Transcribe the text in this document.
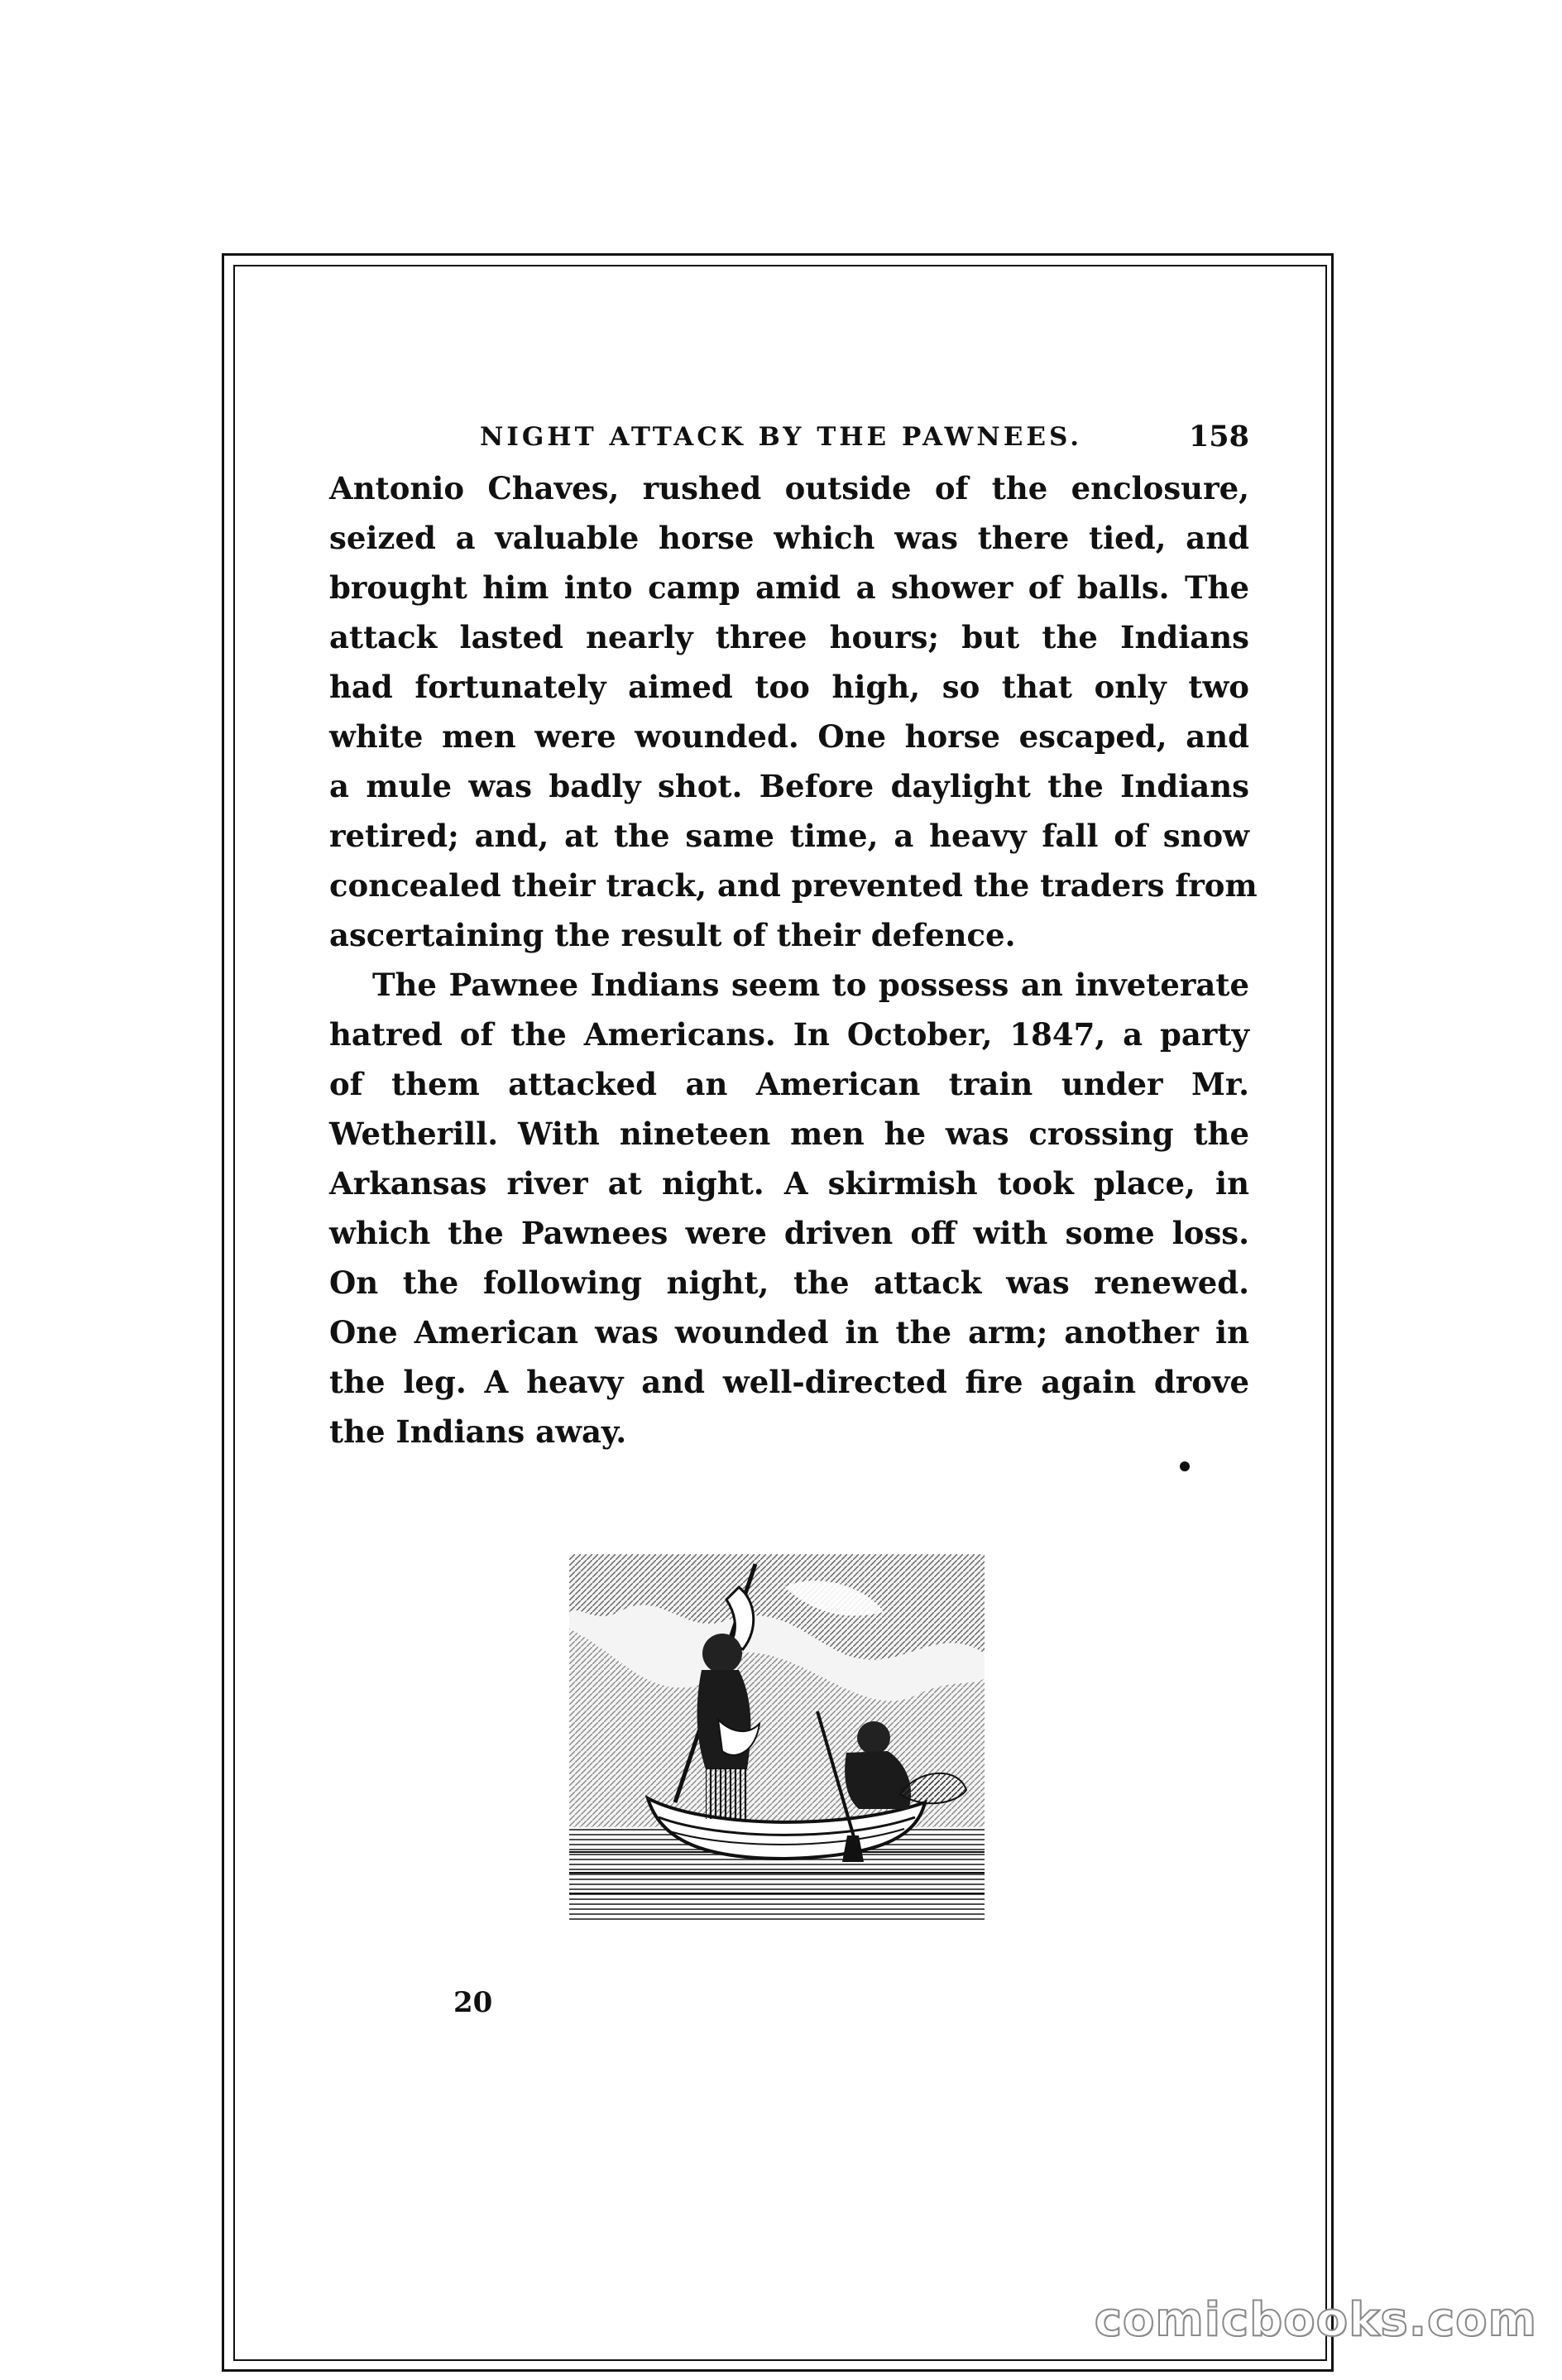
NIGHT ATTACK BY THE PAWNEES.	158
Antonio Chaves, rushed outside of the enclosure,
seized a valuable horse which was there tied, and
brought him into camp amid a shower of balls. The
attack lasted nearly three hours; but the Indians
had fortunately aimed too high, so that only two
white men were wounded. One horse escaped, and
a mule was badly shot. Before daylight the Indians
retired; and, at the same time, a heavy fall of snow
concealed their track, and prevented the traders from
ascertaining the result of their defence.
The Pawnee Indians seem to possess an inveterate
hatred of the Americans. In October, 1847, a party
of them attacked an American train under Mr.
Wetherill. With nineteen men he was crossing the
Arkansas river at night. A skirmish took place, in
which the Pawnees were driven off with some loss.
On the following night, the attack was renewed.
One American was wounded in the arm; another in
the leg. A heavy and well-directed fire again drove
the Indians away.
20
comicbooks.com
